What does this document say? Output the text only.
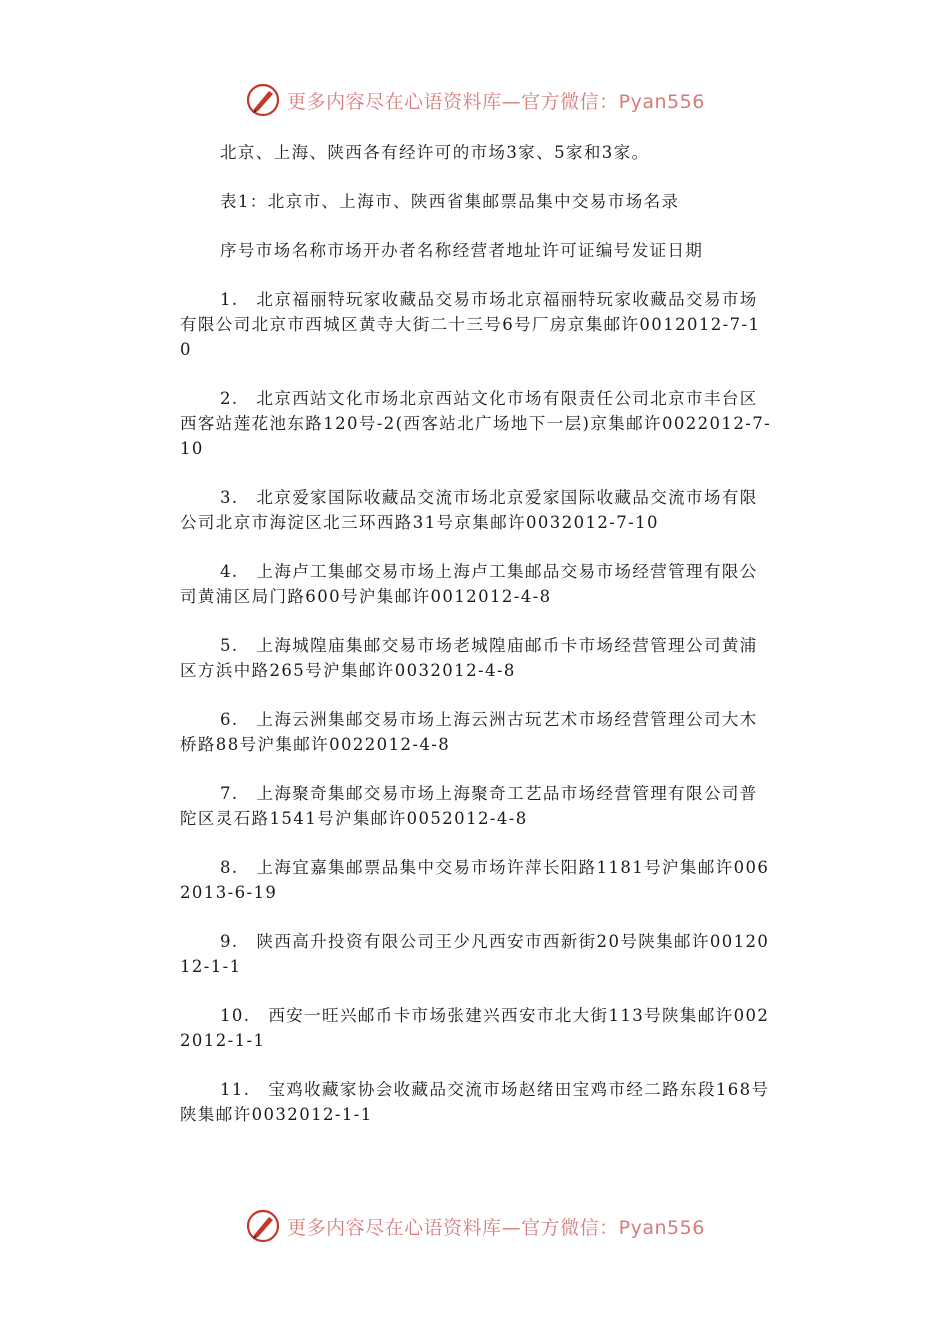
更多内容尽在心语资料库—官方微信：Pyan556

北京、上海、陕西各有经许可的市场3家、5家和3家。

表1：北京市、上海市、陕西省集邮票品集中交易市场名录

序号市场名称市场开办者名称经营者地址许可证编号发证日期

1.　北京福丽特玩家收藏品交易市场北京福丽特玩家收藏品交易市场有限公司北京市西城区黄寺大街二十三号6号厂房京集邮许0012012-7-10

2.　北京西站文化市场北京西站文化市场有限责任公司北京市丰台区西客站莲花池东路120号-2(西客站北广场地下一层)京集邮许0022012-7-10

3.　北京爱家国际收藏品交流市场北京爱家国际收藏品交流市场有限公司北京市海淀区北三环西路31号京集邮许0032012-7-10

4.　上海卢工集邮交易市场上海卢工集邮品交易市场经营管理有限公司黄浦区局门路600号沪集邮许0012012-4-8

5.　上海城隍庙集邮交易市场老城隍庙邮币卡市场经营管理公司黄浦区方浜中路265号沪集邮许0032012-4-8

6.　上海云洲集邮交易市场上海云洲古玩艺术市场经营管理公司大木桥路88号沪集邮许0022012-4-8

7.　上海聚奇集邮交易市场上海聚奇工艺品市场经营管理有限公司普陀区灵石路1541号沪集邮许0052012-4-8

8.　上海宜嘉集邮票品集中交易市场许萍长阳路1181号沪集邮许0062013-6-19

9.　陕西高升投资有限公司王少凡西安市西新街20号陕集邮许0012012-1-1

10.　西安一旺兴邮币卡市场张建兴西安市北大街113号陕集邮许0022012-1-1

11.　宝鸡收藏家协会收藏品交流市场赵绪田宝鸡市经二路东段168号陕集邮许0032012-1-1

更多内容尽在心语资料库—官方微信：Pyan556
